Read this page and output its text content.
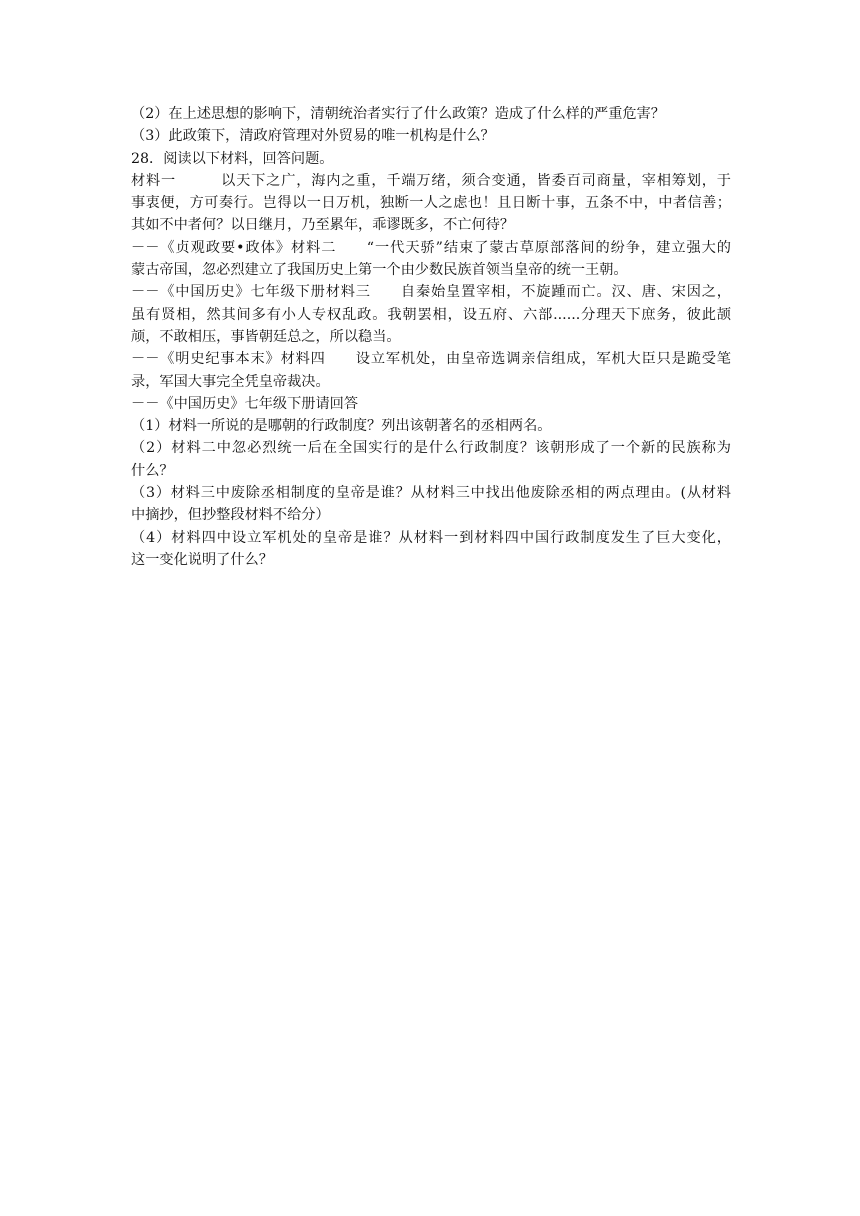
（2）在上述思想的影响下，清朝统治者实行了什么政策？造成了什么样的严重危害？
（3）此政策下，清政府管理对外贸易的唯一机构是什么？
28．阅读以下材料，回答问题。
材料一　　　以天下之广，海内之重，千端万绪，须合变通，皆委百司商量，宰相筹划，于
事衷便，方可奏行。岂得以一日万机，独断一人之虑也！且日断十事，五条不中，中者信善；
其如不中者何？以日继月，乃至累年，乖谬既多，不亡何待？
－－《贞观政要•政体》材料二　　“一代天骄”结束了蒙古草原部落间的纷争，建立强大的
蒙古帝国，忽必烈建立了我国历史上第一个由少数民族首领当皇帝的统一王朝。
－－《中国历史》七年级下册材料三　　自秦始皇置宰相，不旋踵而亡。汉、唐、宋因之，
虽有贤相，然其间多有小人专权乱政。我朝罢相，设五府、六部......分理天下庶务，彼此颉
颃，不敢相压，事皆朝廷总之，所以稳当。
－－《明史纪事本末》材料四　　设立军机处，由皇帝选调亲信组成，军机大臣只是跪受笔
录，军国大事完全凭皇帝裁决。
－－《中国历史》七年级下册请回答
（1）材料一所说的是哪朝的行政制度？列出该朝著名的丞相两名。
（2）材料二中忽必烈统一后在全国实行的是什么行政制度？该朝形成了一个新的民族称为
什么？
（3）材料三中废除丞相制度的皇帝是谁？从材料三中找出他废除丞相的两点理由。(从材料
中摘抄，但抄整段材料不给分）
（4）材料四中设立军机处的皇帝是谁？从材料一到材料四中国行政制度发生了巨大变化，
这一变化说明了什么？
